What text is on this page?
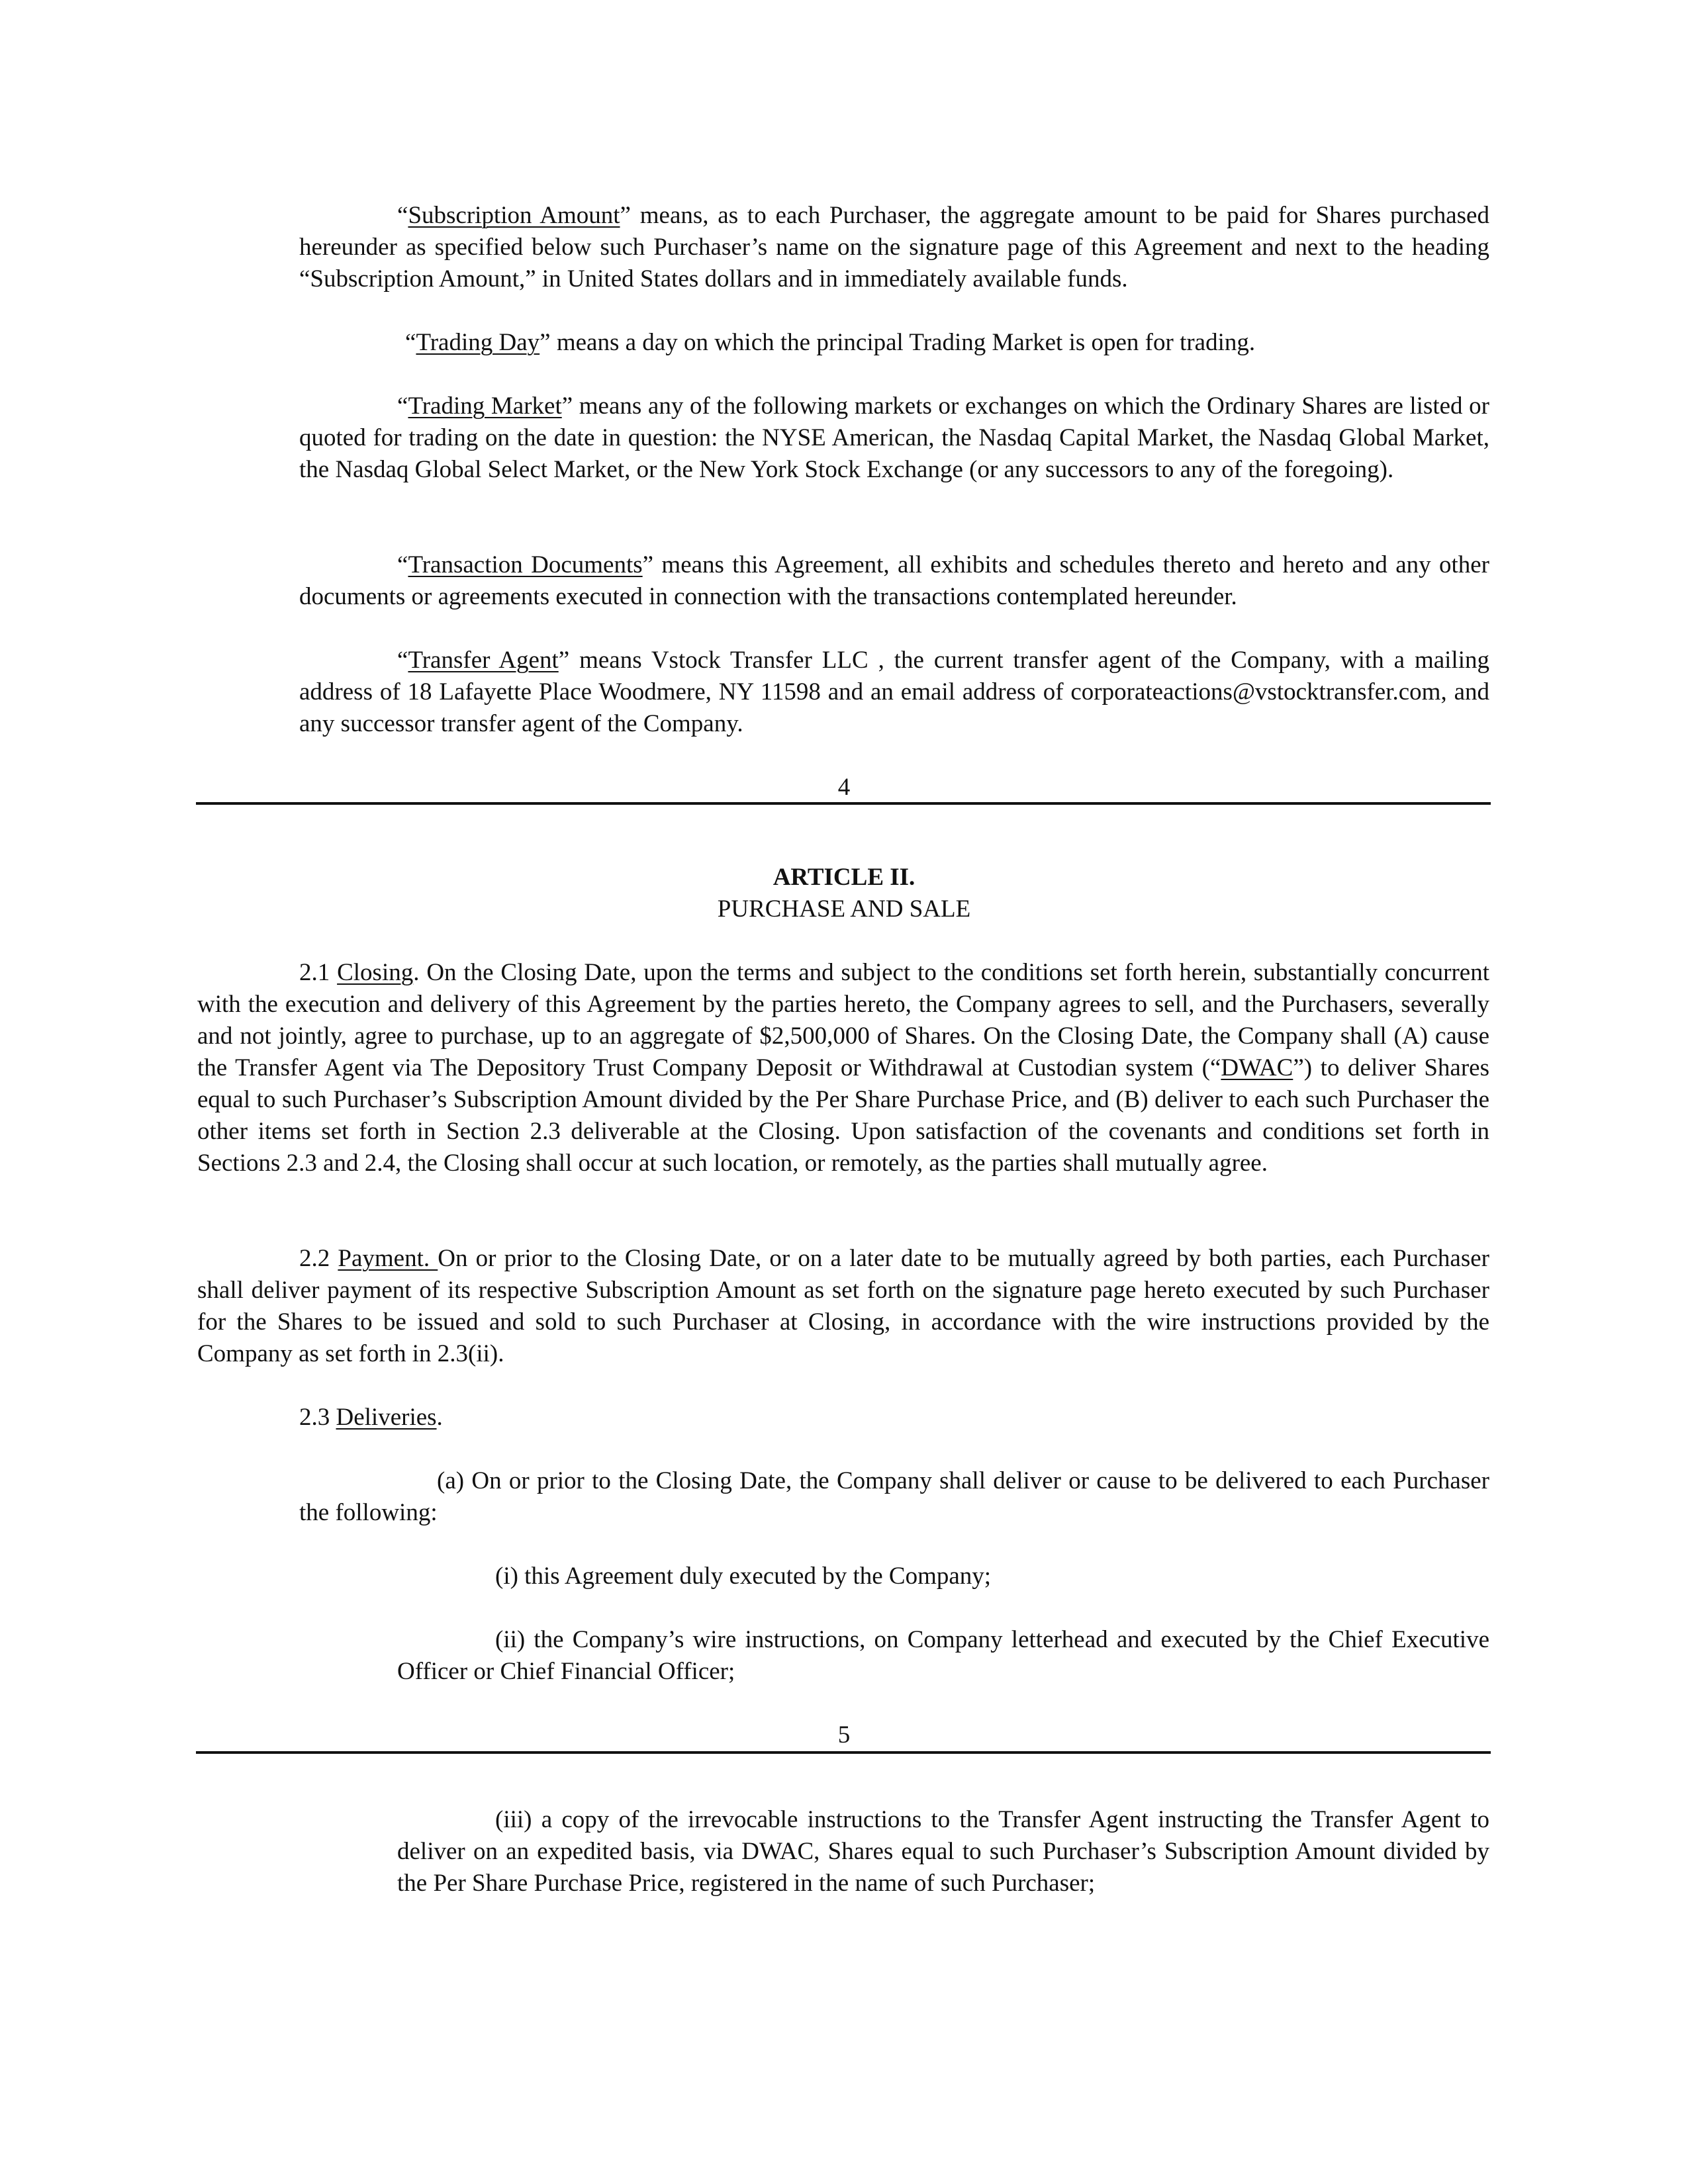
“Subscription Amount” means, as to each Purchaser, the aggregate amount to be paid for Shares purchased hereunder as specified below such Purchaser’s name on the signature page of this Agreement and next to the heading “Subscription Amount,” in United States dollars and in immediately available funds.

“Trading Day” means a day on which the principal Trading Market is open for trading.

“Trading Market” means any of the following markets or exchanges on which the Ordinary Shares are listed or quoted for trading on the date in question: the NYSE American, the Nasdaq Capital Market, the Nasdaq Global Market, the Nasdaq Global Select Market, or the New York Stock Exchange (or any successors to any of the foregoing).

“Transaction Documents” means this Agreement, all exhibits and schedules thereto and hereto and any other documents or agreements executed in connection with the transactions contemplated hereunder.

“Transfer Agent” means Vstock Transfer LLC , the current transfer agent of the Company, with a mailing address of 18 Lafayette Place Woodmere, NY 11598 and an email address of corporateactions@vstocktransfer.com, and any successor transfer agent of the Company.

4
ARTICLE II.
PURCHASE AND SALE

2.1 Closing. On the Closing Date, upon the terms and subject to the conditions set forth herein, substantially concurrent with the execution and delivery of this Agreement by the parties hereto, the Company agrees to sell, and the Purchasers, severally and not jointly, agree to purchase, up to an aggregate of $2,500,000 of Shares. On the Closing Date, the Company shall (A) cause the Transfer Agent via The Depository Trust Company Deposit or Withdrawal at Custodian system (“DWAC”) to deliver Shares equal to such Purchaser’s Subscription Amount divided by the Per Share Purchase Price, and (B) deliver to each such Purchaser the other items set forth in Section 2.3 deliverable at the Closing. Upon satisfaction of the covenants and conditions set forth in Sections 2.3 and 2.4, the Closing shall occur at such location, or remotely, as the parties shall mutually agree.

2.2 Payment. On or prior to the Closing Date, or on a later date to be mutually agreed by both parties, each Purchaser shall deliver payment of its respective Subscription Amount as set forth on the signature page hereto executed by such Purchaser for the Shares to be issued and sold to such Purchaser at Closing, in accordance with the wire instructions provided by the Company as set forth in 2.3(ii).

2.3 Deliveries.

(a) On or prior to the Closing Date, the Company shall deliver or cause to be delivered to each Purchaser the following:

(i) this Agreement duly executed by the Company;

(ii) the Company’s wire instructions, on Company letterhead and executed by the Chief Executive Officer or Chief Financial Officer;

5

(iii) a copy of the irrevocable instructions to the Transfer Agent instructing the Transfer Agent to deliver on an expedited basis, via DWAC, Shares equal to such Purchaser’s Subscription Amount divided by the Per Share Purchase Price, registered in the name of such Purchaser;
